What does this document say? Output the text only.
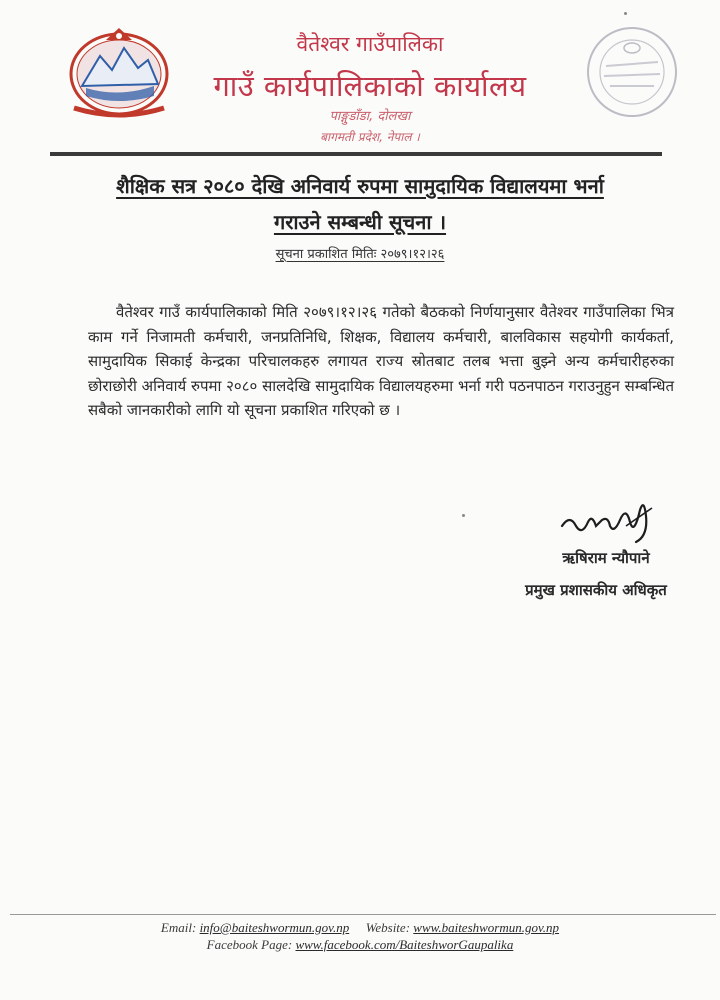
वैतेश्वर गाउँपालिका
गाउँ कार्यपालिकाको कार्यालय
पाङ्गुडाँडा, दोलखा
बागमती प्रदेश, नेपाल ।
शैक्षिक सत्र २०८० देखि अनिवार्य रुपमा सामुदायिक विद्यालयमा भर्ना
गराउने सम्बन्धी सूचना ।
सूचना प्रकाशित मितिः २०७९।१२।२६
वैतेश्वर गाउँ कार्यपालिकाको मिति २०७९।१२।२६ गतेको बैठकको निर्णयानुसार वैतेश्वर गाउँपालिका भित्र काम गर्ने निजामती कर्मचारी, जनप्रतिनिधि, शिक्षक, विद्यालय कर्मचारी, बालविकास सहयोगी कार्यकर्ता, सामुदायिक सिकाई केन्द्रका परिचालकहरु लगायत राज्य स्रोतबाट तलब भत्ता बुझ्ने अन्य कर्मचारीहरुका छोराछोरी अनिवार्य रुपमा २०८० सालदेखि सामुदायिक विद्यालयहरुमा भर्ना गरी पठनपाठन गराउनुहुन सम्बन्धित सबैको जानकारीको लागि यो सूचना प्रकाशित गरिएको छ ।
ऋषिराम न्यौपाने
प्रमुख प्रशासकीय अधिकृत
Email: info@baiteshwormun.gov.np Website: www.baiteshwormun.gov.np
Facebook Page: www.facebook.com/BaiteshworGaupalika
